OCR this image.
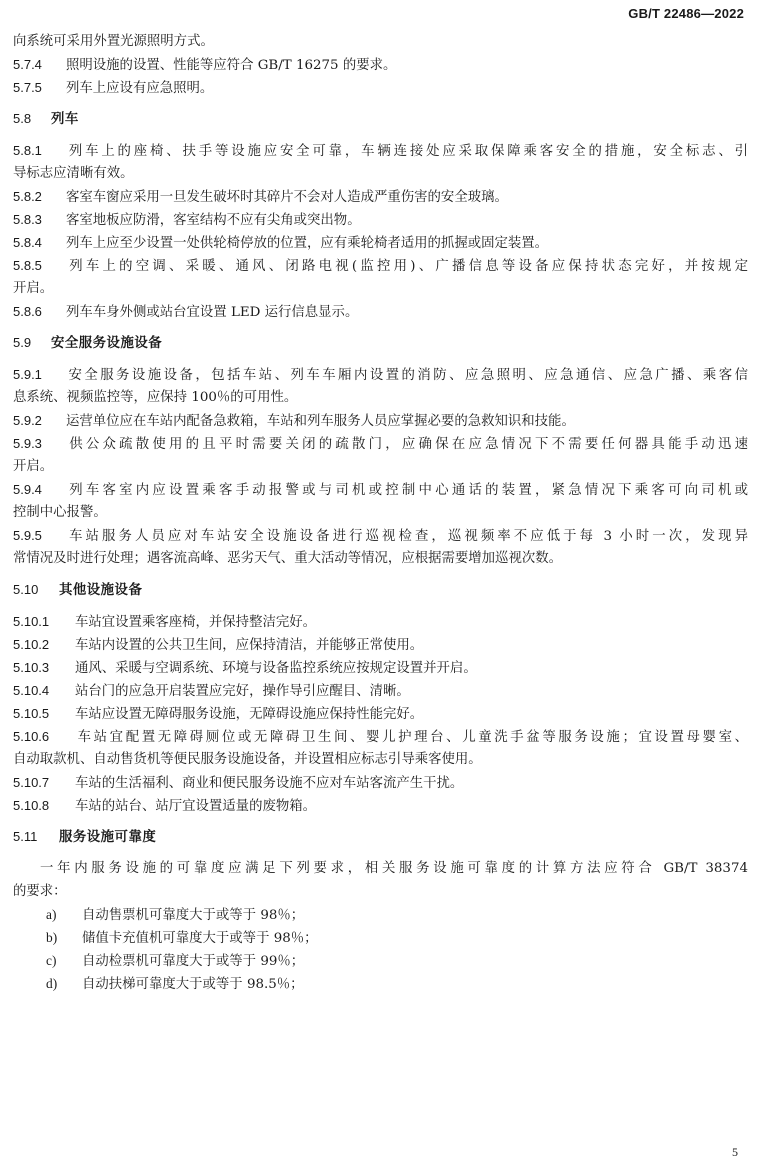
GB/T 22486—2022
向系统可采用外置光源照明方式。
5.7.4 照明设施的设置、性能等应符合 GB/T 16275 的要求。
5.7.5 列车上应设有应急照明。
5.8 列车
5.8.1 列车上的座椅、扶手等设施应安全可靠，车辆连接处应采取保障乘客安全的措施，安全标志、引
导标志应清晰有效。
5.8.2 客室车窗应采用一旦发生破坏时其碎片不会对人造成严重伤害的安全玻璃。
5.8.3 客室地板应防滑，客室结构不应有尖角或突出物。
5.8.4 列车上应至少设置一处供轮椅停放的位置，应有乘轮椅者适用的抓握或固定装置。
5.8.5 列车上的空调、采暖、通风、闭路电视(监控用)、广播信息等设备应保持状态完好，并按规定
开启。
5.8.6 列车车身外侧或站台宜设置 LED 运行信息显示。
5.9 安全服务设施设备
5.9.1 安全服务设施设备，包括车站、列车车厢内设置的消防、应急照明、应急通信、应急广播、乘客信
息系统、视频监控等，应保持 100％的可用性。
5.9.2 运营单位应在车站内配备急救箱，车站和列车服务人员应掌握必要的急救知识和技能。
5.9.3 供公众疏散使用的且平时需要关闭的疏散门，应确保在应急情况下不需要任何器具能手动迅速
开启。
5.9.4 列车客室内应设置乘客手动报警或与司机或控制中心通话的装置，紧急情况下乘客可向司机或
控制中心报警。
5.9.5 车站服务人员应对车站安全设施设备进行巡视检查，巡视频率不应低于每 3 小时一次，发现异
常情况及时进行处理；遇客流高峰、恶劣天气、重大活动等情况，应根据需要增加巡视次数。
5.10 其他设施设备
5.10.1 车站宜设置乘客座椅，并保持整洁完好。
5.10.2 车站内设置的公共卫生间，应保持清洁，并能够正常使用。
5.10.3 通风、采暖与空调系统、环境与设备监控系统应按规定设置并开启。
5.10.4 站台门的应急开启装置应完好，操作导引应醒目、清晰。
5.10.5 车站应设置无障碍服务设施，无障碍设施应保持性能完好。
5.10.6 车站宜配置无障碍厕位或无障碍卫生间、婴儿护理台、儿童洗手盆等服务设施；宜设置母婴室、
自动取款机、自动售货机等便民服务设施设备，并设置相应标志引导乘客使用。
5.10.7 车站的生活福利、商业和便民服务设施不应对车站客流产生干扰。
5.10.8 车站的站台、站厅宜设置适量的废物箱。
5.11 服务设施可靠度
一年内服务设施的可靠度应满足下列要求，相关服务设施可靠度的计算方法应符合 GB/T 38374
的要求：
a) 自动售票机可靠度大于或等于 98％；
b) 储值卡充值机可靠度大于或等于 98％；
c) 自动检票机可靠度大于或等于 99％；
d) 自动扶梯可靠度大于或等于 98.5％；
5
